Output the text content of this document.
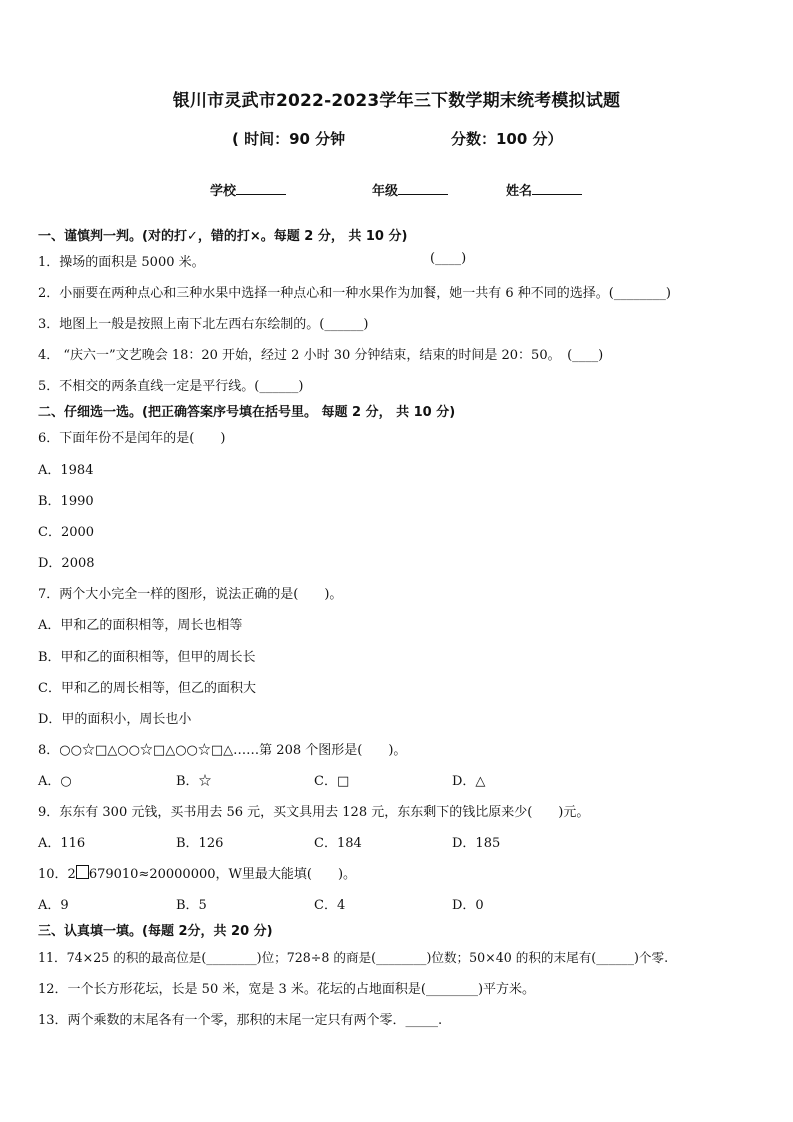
银川市灵武市2022-2023学年三下数学期末统考模拟试题
( 时间：90 分钟	分数：100 分）
学校	年级	姓名
一、谨慎判一判。(对的打✓，错的打×。每题 2 分， 共 10 分)
1．操场的面积是 5000 米。	(____)
2．小丽要在两种点心和三种水果中选择一种点心和一种水果作为加餐，她一共有 6 种不同的选择。(________)
3．地图上一般是按照上南下北左西右东绘制的。(______)
4． “庆六一”文艺晚会 18：20 开始，经过 2 小时 30 分钟结束，结束的时间是 20：50。　(____)
5．不相交的两条直线一定是平行线。(______)
二、仔细选一选。(把正确答案序号填在括号里。 每题 2 分， 共 10 分)
6．下面年份不是闰年的是(　　)
A．1984
B．1990
C．2000
D．2008
7．两个大小完全一样的图形，说法正确的是(　　)。
A．甲和乙的面积相等，周长也相等
B．甲和乙的面积相等，但甲的周长长
C．甲和乙的周长相等，但乙的面积大
D．甲的面积小，周长也小
8．○○☆□△○○☆□△○○☆□△……第 208 个图形是(　　)。
A．○	B．☆	C．□	D．△
9．东东有 300 元钱，买书用去 56 元，买文具用去 128 元，东东剩下的钱比原来少(　　)元。
A．116	B．126	C．184	D．185
10．2 679010≈20000000，W里最大能填(　　)。
A．9	B．5	C．4	D．0
三、认真填一填。(每题 2分，共 20 分)
11．74×25 的积的最高位是(________)位；728÷8 的商是(________)位数；50×40 的积的末尾有(______)个零.
12．一个长方形花坛，长是 50 米，宽是 3 米。花坛的占地面积是(________)平方米。
13．两个乘数的末尾各有一个零，那积的末尾一定只有两个零．_____.
